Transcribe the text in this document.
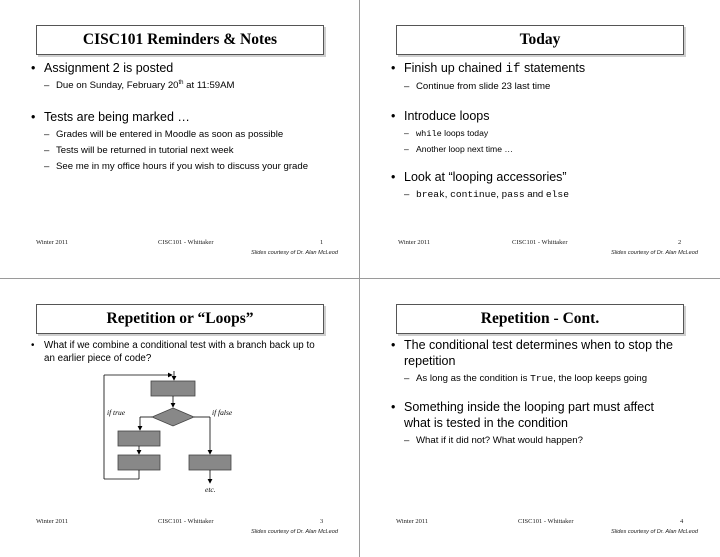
CISC101 Reminders & Notes
• Assignment 2 is posted
– Due on Sunday, February 20th at 11:59AM
• Tests are being marked …
– Grades will be entered in Moodle as soon as possible
– Tests will be returned in tutorial next week
– See me in my office hours if you wish to discuss your grade
Winter 2011	CISC101 - Whittaker	1
Slides courtesy of Dr. Alan McLeod
Today
• Finish up chained if statements
– Continue from slide 23 last time
• Introduce loops
– while loops today
– Another loop next time …
• Look at “looping accessories”
– break, continue, pass and else
Winter 2011	CISC101 - Whittaker	2
Slides courtesy of Dr. Alan McLeod
Repetition or “Loops”
• What if we combine a conditional test with a branch back up to an earlier piece of code?
if true	if false
etc.
Winter 2011	CISC101 - Whittaker	3
Slides courtesy of Dr. Alan McLeod
Repetition - Cont.
• The conditional test determines when to stop the repetition
– As long as the condition is True, the loop keeps going
• Something inside the looping part must affect what is tested in the condition
– What if it did not? What would happen?
Winter 2011	CISC101 - Whittaker	4
Slides courtesy of Dr. Alan McLeod
